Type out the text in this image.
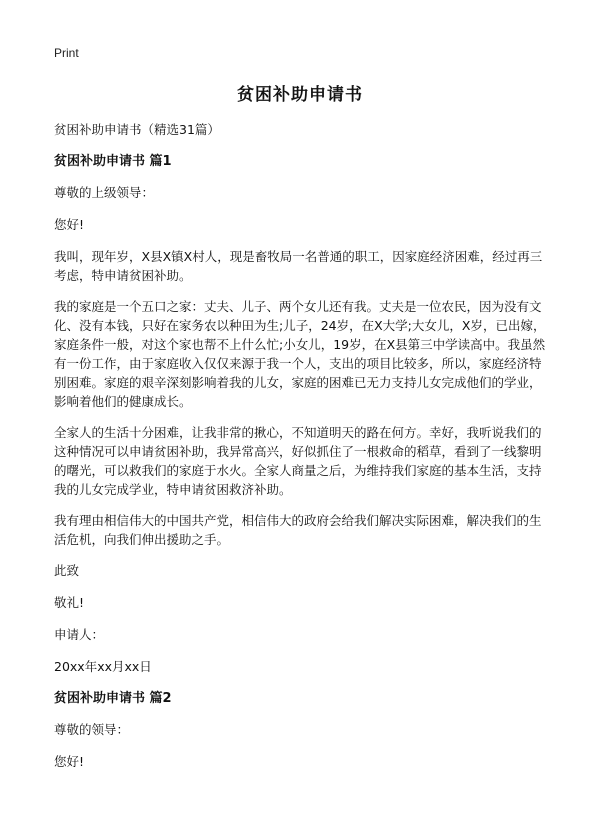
Print
贫困补助申请书

贫困补助申请书（精选31篇）

贫困补助申请书 篇1

尊敬的上级领导：

您好!

我叫，现年岁，X县X镇X村人，现是畜牧局一名普通的职工，因家庭经济困难，经过再三考虑，特申请贫困补助。

我的家庭是一个五口之家：丈夫、儿子、两个女儿还有我。丈夫是一位农民，因为没有文化、没有本钱，只好在家务农以种田为生;儿子，24岁，在X大学;大女儿，X岁，已出嫁，家庭条件一般，对这个家也帮不上什么忙;小女儿，19岁，在X县第三中学读高中。我虽然有一份工作，由于家庭收入仅仅来源于我一个人，支出的项目比较多，所以，家庭经济特别困难。家庭的艰辛深刻影响着我的儿女，家庭的困难已无力支持儿女完成他们的学业，影响着他们的健康成长。

全家人的生活十分困难，让我非常的揪心，不知道明天的路在何方。幸好，我听说我们的这种情况可以申请贫困补助，我异常高兴，好似抓住了一根救命的稻草，看到了一线黎明的曙光，可以救我们的家庭于水火。全家人商量之后，为维持我们家庭的基本生活，支持我的儿女完成学业，特申请贫困救济补助。

我有理由相信伟大的中国共产党，相信伟大的政府会给我们解决实际困难，解决我们的生活危机，向我们伸出援助之手。

此致

敬礼!

申请人：

20xx年xx月xx日

贫困补助申请书 篇2

尊敬的领导：

您好!
